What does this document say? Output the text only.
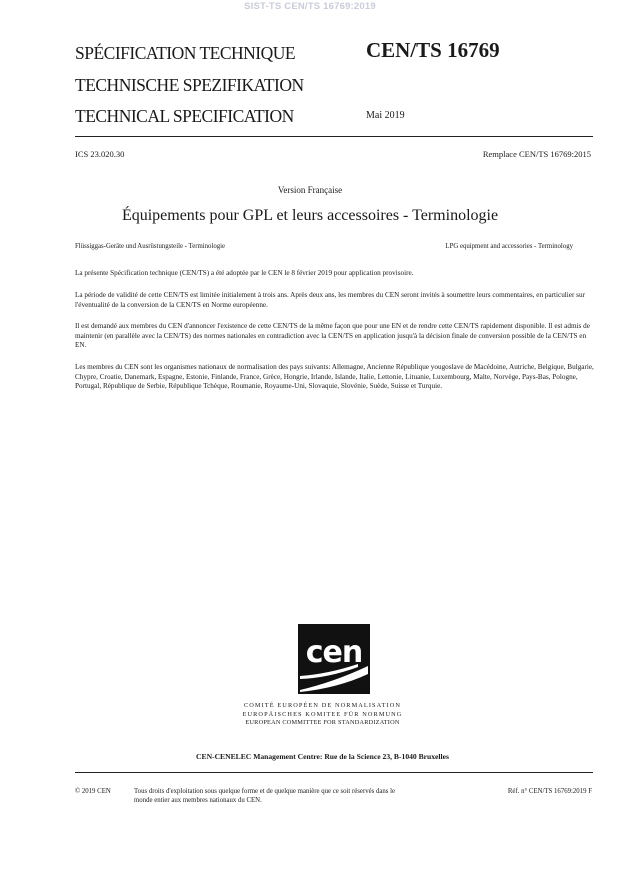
SIST-TS CEN/TS 16769:2019
SPÉCIFICATION TECHNIQUE
TECHNISCHE SPEZIFIKATION
TECHNICAL SPECIFICATION
CEN/TS 16769
Mai 2019
ICS 23.020.30	Remplace CEN/TS 16769:2015
Version Française
Équipements pour GPL et leurs accessoires - Terminologie
Flüssiggas-Geräte und Ausrüstungsteile - Terminologie	LPG equipment and accessories - Terminology
La présente Spécification technique (CEN/TS) a été adoptée par le CEN le 8 février 2019 pour application provisoire.
La période de validité de cette CEN/TS est limitée initialement à trois ans. Après deux ans, les membres du CEN seront invités à soumettre leurs commentaires, en particulier sur l'éventualité de la conversion de la CEN/TS en Norme européenne.
Il est demandé aux membres du CEN d'annoncer l'existence de cette CEN/TS de la même façon que pour une EN et de rendre cette CEN/TS rapidement disponible. Il est admis de maintenir (en parallèle avec la CEN/TS) des normes nationales en contradiction avec la CEN/TS en application jusqu'à la décision finale de conversion possible de la CEN/TS en EN.
Les membres du CEN sont les organismes nationaux de normalisation des pays suivants: Allemagne, Ancienne République yougoslave de Macédoine, Autriche, Belgique, Bulgarie, Chypre, Croatie, Danemark, Espagne, Estonie, Finlande, France, Grèce, Hongrie, Irlande, Islande, Italie, Lettonie, Lituanie, Luxembourg, Malte, Norvège, Pays-Bas, Pologne, Portugal, République de Serbie, République Tchèque, Roumanie, Royaume-Uni, Slovaquie, Slovénie, Suède, Suisse et Turquie.
cen
COMITÉ EUROPÉEN DE NORMALISATION
EUROPÄISCHES KOMITEE FÜR NORMUNG
EUROPEAN COMMITTEE FOR STANDARDIZATION
CEN-CENELEC Management Centre: Rue de la Science 23, B-1040 Bruxelles
© 2019 CEN	Tous droits d'exploitation sous quelque forme et de quelque manière que ce soit réservés dans le monde entier aux membres nationaux du CEN.
Réf. n° CEN/TS 16769:2019 F
